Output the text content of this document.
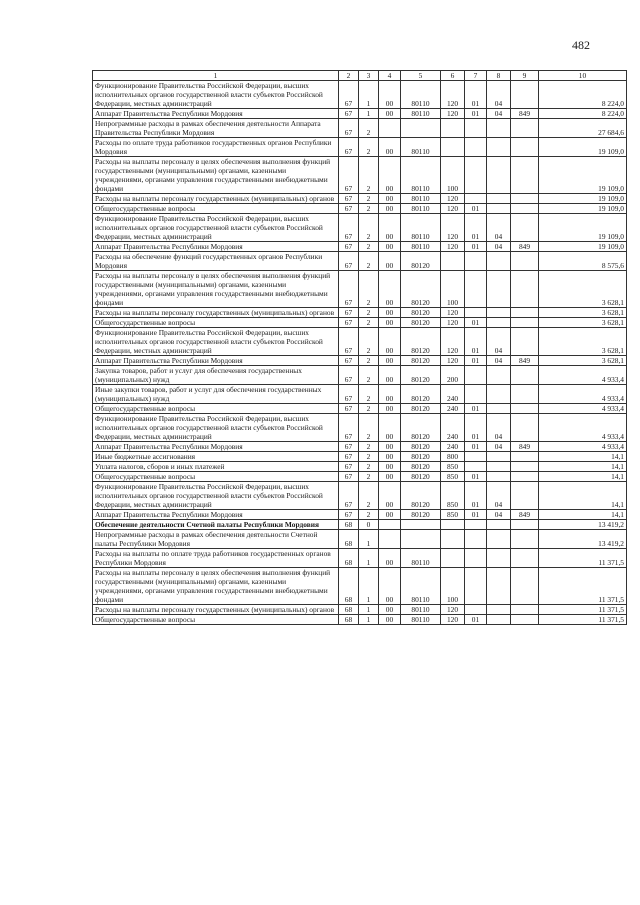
482
1	2	3	4	5	6	7	8	9	10
Функционирование Правительства Российской Федерации, высших исполнительных органов государственной власти субъектов Российской Федерации, местных администраций	67	1	00	80110	120	01	04		8 224,0
Аппарат Правительства Республики Мордовия	67	1	00	80110	120	01	04	849	8 224,0
Непрограммные расходы в рамках обеспечения деятельности Аппарата Правительства Республики Мордовия	67	2							27 684,6
Расходы по оплате труда работников государственных органов Республики Мордовия	67	2	00	80110					19 109,0
Расходы на выплаты персоналу в целях обеспечения выполнения функций государственными (муниципальными) органами, казенными учреждениями, органами управления государственными внебюджетными фондами	67	2	00	80110	100				19 109,0
Расходы на выплаты персоналу государственных (муниципальных) органов	67	2	00	80110	120				19 109,0
Общегосударственные вопросы	67	2	00	80110	120	01			19 109,0
Функционирование Правительства Российской Федерации, высших исполнительных органов государственной власти субъектов Российской Федерации, местных администраций	67	2	00	80110	120	01	04		19 109,0
Аппарат Правительства Республики Мордовия	67	2	00	80110	120	01	04	849	19 109,0
Расходы на обеспечение функций государственных органов Республики Мордовия	67	2	00	80120					8 575,6
Расходы на выплаты персоналу в целях обеспечения выполнения функций государственными (муниципальными) органами, казенными учреждениями, органами управления государственными внебюджетными фондами	67	2	00	80120	100				3 628,1
Расходы на выплаты персоналу государственных (муниципальных) органов	67	2	00	80120	120				3 628,1
Общегосударственные вопросы	67	2	00	80120	120	01			3 628,1
Функционирование Правительства Российской Федерации, высших исполнительных органов государственной власти субъектов Российской Федерации, местных администраций	67	2	00	80120	120	01	04		3 628,1
Аппарат Правительства Республики Мордовия	67	2	00	80120	120	01	04	849	3 628,1
Закупка товаров, работ и услуг для обеспечения государственных (муниципальных) нужд	67	2	00	80120	200				4 933,4
Иные закупки товаров, работ и услуг для обеспечения государственных (муниципальных) нужд	67	2	00	80120	240				4 933,4
Общегосударственные вопросы	67	2	00	80120	240	01			4 933,4
Функционирование Правительства Российской Федерации, высших исполнительных органов государственной власти субъектов Российской Федерации, местных администраций	67	2	00	80120	240	01	04		4 933,4
Аппарат Правительства Республики Мордовия	67	2	00	80120	240	01	04	849	4 933,4
Иные бюджетные ассигнования	67	2	00	80120	800				14,1
Уплата налогов, сборов и иных платежей	67	2	00	80120	850				14,1
Общегосударственные вопросы	67	2	00	80120	850	01			14,1
Функционирование Правительства Российской Федерации, высших исполнительных органов государственной власти субъектов Российской Федерации, местных администраций	67	2	00	80120	850	01	04		14,1
Аппарат Правительства Республики Мордовия	67	2	00	80120	850	01	04	849	14,1
Обеспечение деятельности Счетной палаты Республики Мордовия	68	0							13 419,2
Непрограммные расходы в рамках обеспечения деятельности Счетной палаты Республики Мордовия	68	1							13 419,2
Расходы на выплаты по оплате труда работников государственных органов Республики Мордовия	68	1	00	80110					11 371,5
Расходы на выплаты персоналу в целях обеспечения выполнения функций государственными (муниципальными) органами, казенными учреждениями, органами управления государственными внебюджетными фондами	68	1	00	80110	100				11 371,5
Расходы на выплаты персоналу государственных (муниципальных) органов	68	1	00	80110	120				11 371,5
Общегосударственные вопросы	68	1	00	80110	120	01			11 371,5
